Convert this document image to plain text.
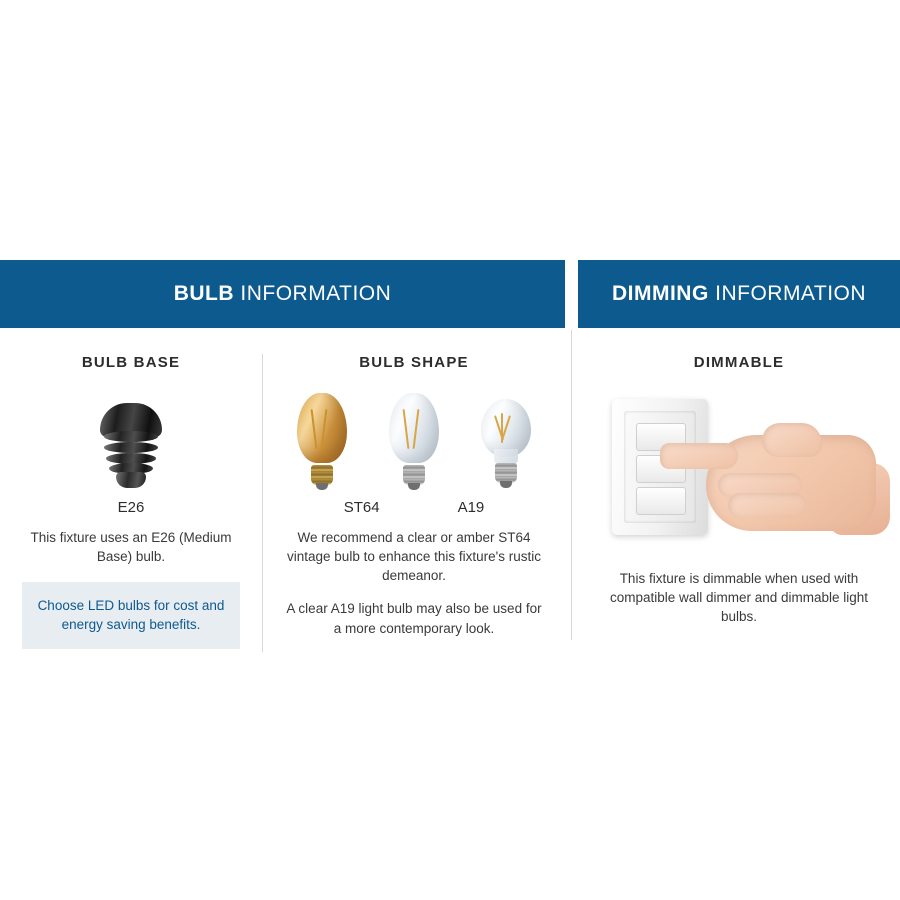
BULB INFORMATION
BULB BASE
E26

This fixture uses an E26 (Medium Base) bulb.

Choose LED bulbs for cost and energy saving benefits.
BULB SHAPE
ST64	A19

We recommend a clear or amber ST64 vintage bulb to enhance this fixture's rustic demeanor.

A clear A19 light bulb may also be used for a more contemporary look.

DIMMING INFORMATION
DIMMABLE

This fixture is dimmable when used with compatible wall dimmer and dimmable light bulbs.
